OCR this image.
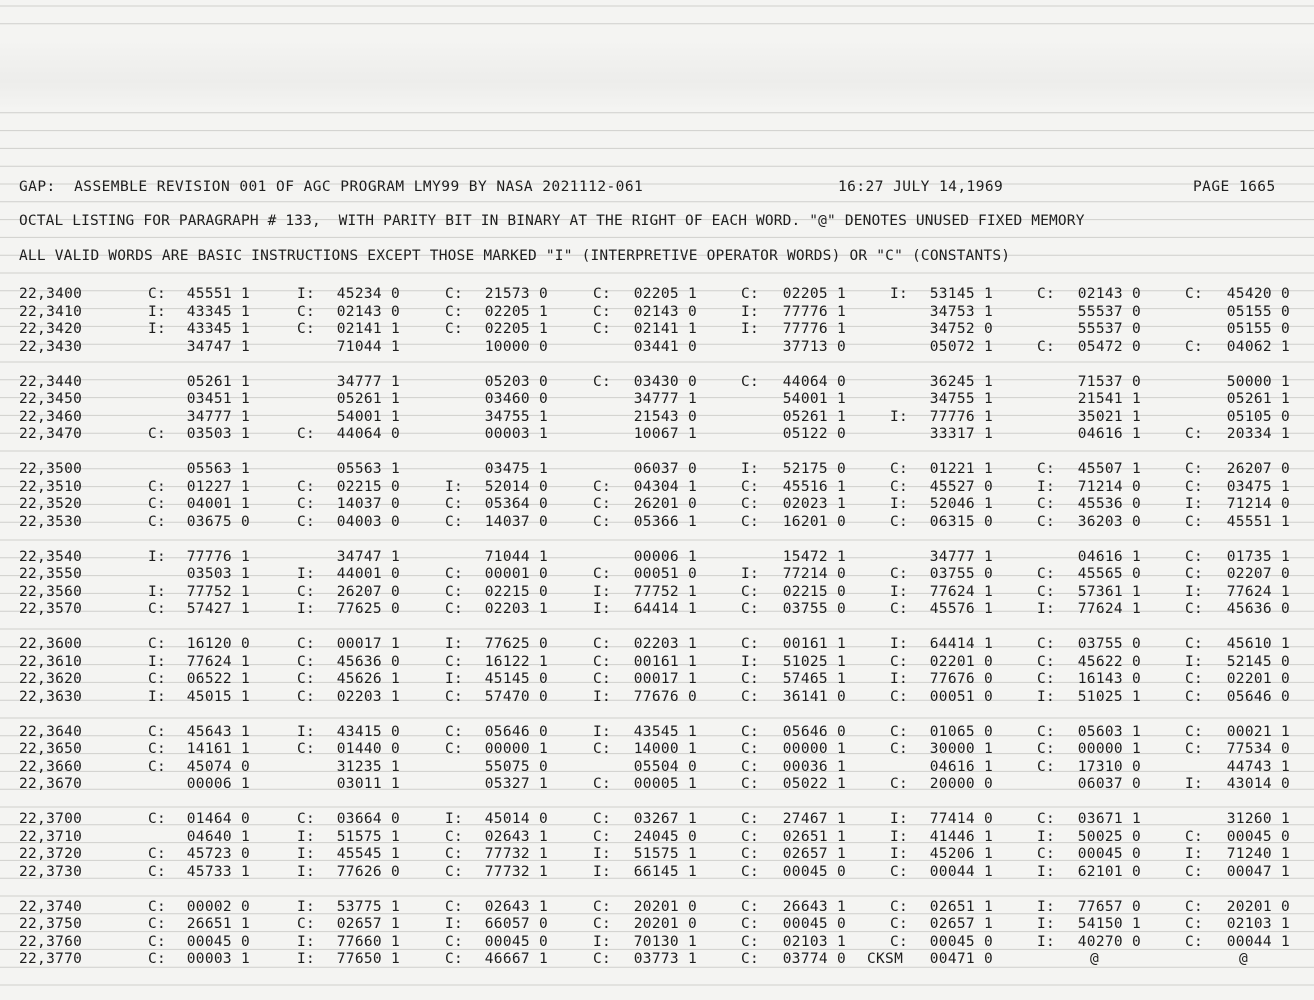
GAP:  ASSEMBLE REVISION 001 OF AGC PROGRAM LMY99 BY NASA 2021112-061	16:27 JULY 14,1969	PAGE 1665
OCTAL LISTING FOR PARAGRAPH # 133,  WITH PARITY BIT IN BINARY AT THE RIGHT OF EACH WORD. "@" DENOTES UNUSED FIXED MEMORY
ALL VALID WORDS ARE BASIC INSTRUCTIONS EXCEPT THOSE MARKED "I" (INTERPRETIVE OPERATOR WORDS) OR "C" (CONSTANTS)
22,3400	C: 45551 1	I: 45234 0	C: 21573 0	C: 02205 1	C: 02205 1	I: 53145 1	C: 02143 0	C: 45420 0
22,3410	I: 43345 1	C: 02143 0	C: 02205 1	C: 02143 0	I: 77776 1	34753 1	55537 0	05155 0
22,3420	I: 43345 1	C: 02141 1	C: 02205 1	C: 02141 1	I: 77776 1	34752 0	55537 0	05155 0
22,3430	34747 1	71044 1	10000 0	03441 0	37713 0	05072 1	C: 05472 0	C: 04062 1
22,3440	05261 1	34777 1	05203 0	C: 03430 0	C: 44064 0	36245 1	71537 0	50000 1
22,3450	03451 1	05261 1	03460 0	34777 1	54001 1	34755 1	21541 1	05261 1
22,3460	34777 1	54001 1	34755 1	21543 0	05261 1	I: 77776 1	35021 1	05105 0
22,3470	C: 03503 1	C: 44064 0	00003 1	10067 1	05122 0	33317 1	04616 1	C: 20334 1
22,3500	05563 1	05563 1	03475 1	06037 0	I: 52175 0	C: 01221 1	C: 45507 1	C: 26207 0
22,3510	C: 01227 1	C: 02215 0	I: 52014 0	C: 04304 1	C: 45516 1	C: 45527 0	I: 71214 0	C: 03475 1
22,3520	C: 04001 1	C: 14037 0	C: 05364 0	C: 26201 0	C: 02023 1	I: 52046 1	C: 45536 0	I: 71214 0
22,3530	C: 03675 0	C: 04003 0	C: 14037 0	C: 05366 1	C: 16201 0	C: 06315 0	C: 36203 0	C: 45551 1
22,3540	I: 77776 1	34747 1	71044 1	00006 1	15472 1	34777 1	04616 1	C: 01735 1
22,3550	03503 1	I: 44001 0	C: 00001 0	C: 00051 0	I: 77214 0	C: 03755 0	C: 45565 0	C: 02207 0
22,3560	I: 77752 1	C: 26207 0	C: 02215 0	I: 77752 1	C: 02215 0	I: 77624 1	C: 57361 1	I: 77624 1
22,3570	C: 57427 1	I: 77625 0	C: 02203 1	I: 64414 1	C: 03755 0	C: 45576 1	I: 77624 1	C: 45636 0
22,3600	C: 16120 0	C: 00017 1	I: 77625 0	C: 02203 1	C: 00161 1	I: 64414 1	C: 03755 0	C: 45610 1
22,3610	I: 77624 1	C: 45636 0	C: 16122 1	C: 00161 1	I: 51025 1	C: 02201 0	C: 45622 0	I: 52145 0
22,3620	C: 06522 1	C: 45626 1	I: 45145 0	C: 00017 1	C: 57465 1	I: 77676 0	C: 16143 0	C: 02201 0
22,3630	I: 45015 1	C: 02203 1	C: 57470 0	I: 77676 0	C: 36141 0	C: 00051 0	I: 51025 1	C: 05646 0
22,3640	C: 45643 1	I: 43415 0	C: 05646 0	I: 43545 1	C: 05646 0	C: 01065 0	C: 05603 1	C: 00021 1
22,3650	C: 14161 1	C: 01440 0	C: 00000 1	C: 14000 1	C: 00000 1	C: 30000 1	C: 00000 1	C: 77534 0
22,3660	C: 45074 0	31235 1	55075 0	05504 0	C: 00036 1	04616 1	C: 17310 0	44743 1
22,3670	00006 1	03011 1	05327 1	C: 00005 1	C: 05022 1	C: 20000 0	06037 0	I: 43014 0
22,3700	C: 01464 0	C: 03664 0	I: 45014 0	C: 03267 1	C: 27467 1	I: 77414 0	C: 03671 1	31260 1
22,3710	04640 1	I: 51575 1	C: 02643 1	C: 24045 0	C: 02651 1	I: 41446 1	I: 50025 0	C: 00045 0
22,3720	C: 45723 0	I: 45545 1	C: 77732 1	I: 51575 1	C: 02657 1	I: 45206 1	C: 00045 0	I: 71240 1
22,3730	C: 45733 1	I: 77626 0	C: 77732 1	I: 66145 1	C: 00045 0	C: 00044 1	I: 62101 0	C: 00047 1
22,3740	C: 00002 0	I: 53775 1	C: 02643 1	C: 20201 0	C: 26643 1	C: 02651 1	I: 77657 0	C: 20201 0
22,3750	C: 26651 1	C: 02657 1	I: 66057 0	C: 20201 0	C: 00045 0	C: 02657 1	I: 54150 1	C: 02103 1
22,3760	C: 00045 0	I: 77660 1	C: 00045 0	I: 70130 1	C: 02103 1	C: 00045 0	I: 40270 0	C: 00044 1
22,3770	C: 00003 1	I: 77650 1	C: 46667 1	C: 03773 1	C: 03774 0 CKSM 00471 0	@	@
